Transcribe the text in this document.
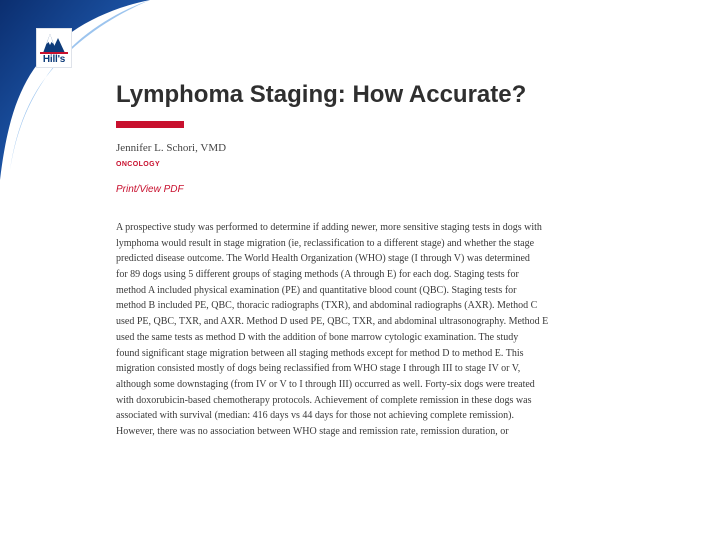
Hill's
Lymphoma Staging: How Accurate?
Jennifer L. Schori, VMD
ONCOLOGY
Print/View PDF
A prospective study was performed to determine if adding newer, more sensitive staging tests in dogs with
lymphoma would result in stage migration (ie, reclassification to a different stage) and whether the stage
predicted disease outcome. The World Health Organization (WHO) stage (I through V) was determined
for 89 dogs using 5 different groups of staging methods (A through E) for each dog. Staging tests for
method A included physical examination (PE) and quantitative blood count (QBC). Staging tests for
method B included PE, QBC, thoracic radiographs (TXR), and abdominal radiographs (AXR). Method C
used PE, QBC, TXR, and AXR. Method D used PE, QBC, TXR, and abdominal ultrasonography. Method E
used the same tests as method D with the addition of bone marrow cytologic examination. The study
found significant stage migration between all staging methods except for method D to method E. This
migration consisted mostly of dogs being reclassified from WHO stage I through III to stage IV or V,
although some downstaging (from IV or V to I through III) occurred as well. Forty-six dogs were treated
with doxorubicin-based chemotherapy protocols. Achievement of complete remission in these dogs was
associated with survival (median: 416 days vs 44 days for those not achieving complete remission).
However, there was no association between WHO stage and remission rate, remission duration, or
